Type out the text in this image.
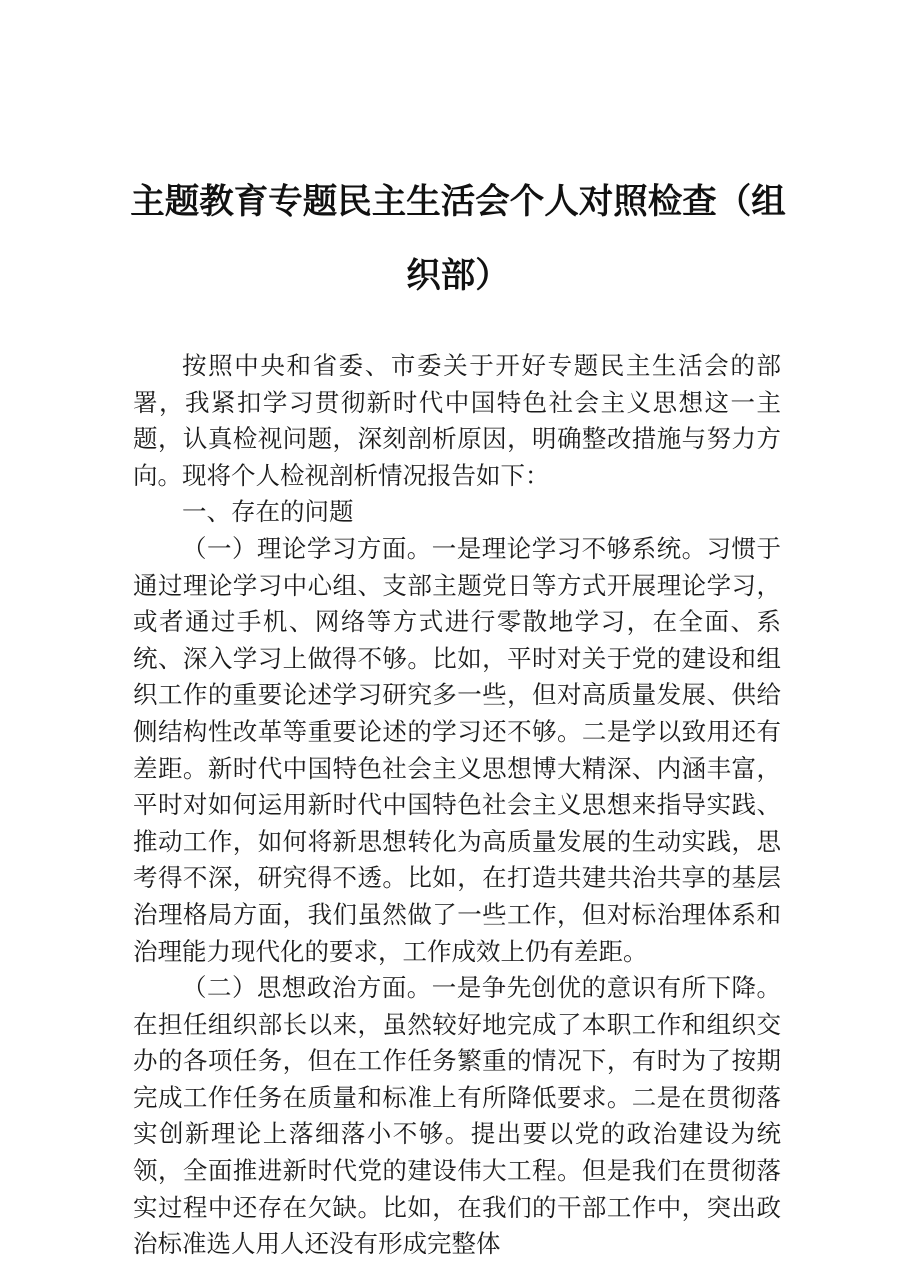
主题教育专题民主生活会个人对照检查（组织部）

按照中央和省委、市委关于开好专题民主生活会的部署，我紧扣学习贯彻新时代中国特色社会主义思想这一主题，认真检视问题，深刻剖析原因，明确整改措施与努力方向。现将个人检视剖析情况报告如下：

一、存在的问题

（一）理论学习方面。一是理论学习不够系统。习惯于通过理论学习中心组、支部主题党日等方式开展理论学习，或者通过手机、网络等方式进行零散地学习，在全面、系统、深入学习上做得不够。比如，平时对关于党的建设和组织工作的重要论述学习研究多一些，但对高质量发展、供给侧结构性改革等重要论述的学习还不够。二是学以致用还有差距。新时代中国特色社会主义思想博大精深、内涵丰富，平时对如何运用新时代中国特色社会主义思想来指导实践、推动工作，如何将新思想转化为高质量发展的生动实践，思考得不深，研究得不透。比如，在打造共建共治共享的基层治理格局方面，我们虽然做了一些工作，但对标治理体系和治理能力现代化的要求，工作成效上仍有差距。

（二）思想政治方面。一是争先创优的意识有所下降。在担任组织部长以来，虽然较好地完成了本职工作和组织交办的各项任务，但在工作任务繁重的情况下，有时为了按期完成工作任务在质量和标准上有所降低要求。二是在贯彻落实创新理论上落细落小不够。提出要以党的政治建设为统领，全面推进新时代党的建设伟大工程。但是我们在贯彻落实过程中还存在欠缺。比如，在我们的干部工作中，突出政治标准选人用人还没有形成完整体
